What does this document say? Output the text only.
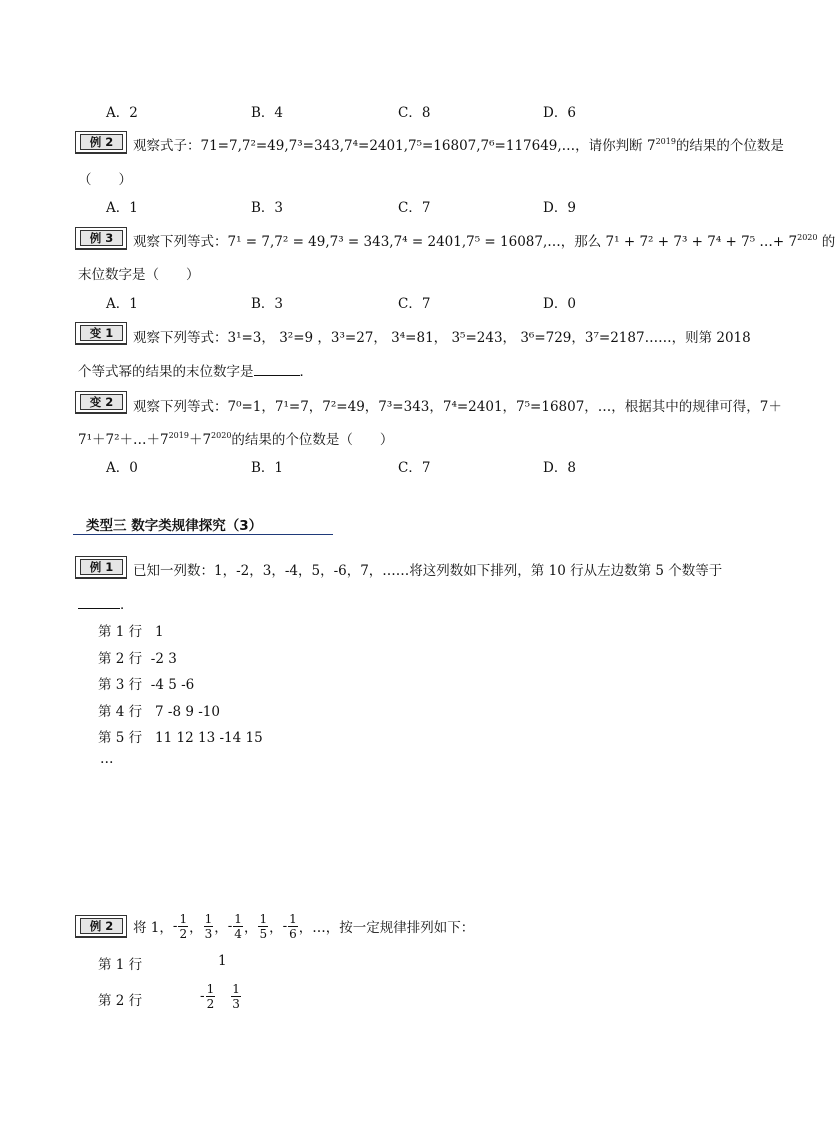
A．2	B．4	C．8	D．6
例 2	观察式子：71=7,7²=49,7³=343,7⁴=2401,7⁵=16807,7⁶=117649,…，请你判断 $7^{2019}$的结果的个位数是
（　　）
A．1	B．3	C．7	D．9
例 3	观察下列等式：7¹ = 7,7² = 49,7³ = 343,7⁴ = 2401,7⁵ = 16087,…，那么 7¹ + 7² + 7³ + 7⁴ + 7⁵ …+ $7^{2020}$ 的
末位数字是（　　）
A．1	B．3	C．7	D．0
变 1	观察下列等式：3¹=3， 3²=9 ，3³=27， 3⁴=81， 3⁵=243， 3⁶=729，3⁷=2187……，则第 2018
个等式幂的结果的末位数字是	．
变 2	观察下列等式：7⁰=1，7¹=7，7²=49，7³=343，7⁴=2401，7⁵=16807，…，根据其中的规律可得，7＋
$7^1+7^2+\dots+7^{2019}+7^{2020}$的结果的个位数是（　　）
A．0	B．1	C．7	D．8
类型三 数字类规律探究（3）
例 1	已知一列数：1，-2，3，-4，5，-6，7，……将这列数如下排列，第 10 行从左边数第 5 个数等于
．
第 1 行 1
第 2 行 -2 3
第 3 行 -4 5 -6
第 4 行 7 -8 9 -10
第 5 行 11 12 13 -14 15
…
例 2	将 1， - $\frac{1}{2}$ ， $\frac{1}{3}$ ， - $\frac{1}{4}$ ， $\frac{1}{5}$ ， - $\frac{1}{6}$ ，…，按一定规律排列如下：
第 1 行	1
第 2 行	- $\frac{1}{2} \frac{1}{3}$
